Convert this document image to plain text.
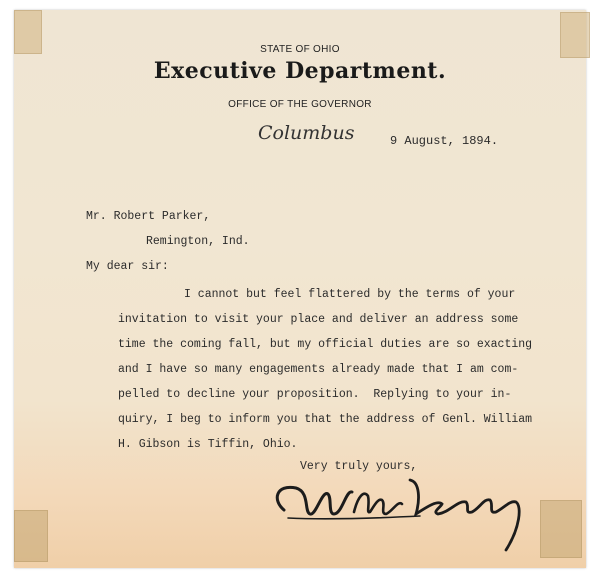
STATE OF OHIO
Executive Department.
OFFICE OF THE GOVERNOR
Columbus	9 August, 1894.
Mr. Robert Parker,
Remington, Ind.
My dear sir:
I cannot but feel flattered by the terms of your
invitation to visit your place and deliver an address some
time the coming fall, but my official duties are so exacting
and I have so many engagements already made that I am com-
pelled to decline your proposition.  Replying to your in-
quiry, I beg to inform you that the address of Genl. William
H. Gibson is Tiffin, Ohio.
Very truly yours,
